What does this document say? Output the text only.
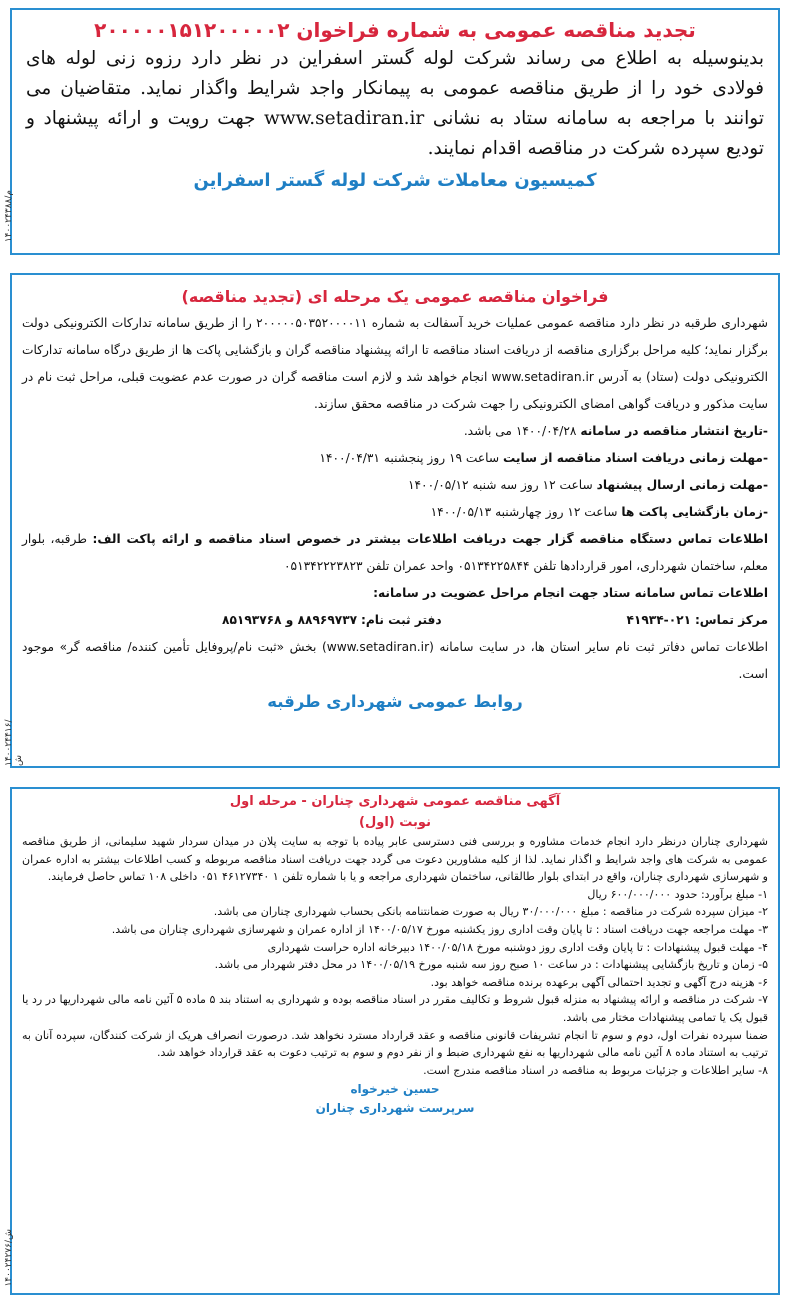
تجدید مناقصه عمومی به شماره فراخوان ۲۰۰۰۰۰۱۵۱۲۰۰۰۰۰۲
بدینوسیله به اطلاع می رساند شرکت لوله گستر اسفراین در نظر دارد رزوه زنی لوله های فولادی خود را از طریق مناقصه عمومی به پیمانکار واجد شرایط واگذار نماید. متقاضیان می توانند با مراجعه به سامانه ستاد به نشانی www.setadiran.ir جهت رویت و ارائه پیشنهاد و توديع سپرده شرکت در مناقصه اقدام نمایند.
کمیسیون معاملات شرکت لوله گستر اسفراین
۱۴۰۰۲۴۳۸۸/م
فراخوان مناقصه عمومی یک مرحله ای (تجدید مناقصه)
شهرداری طرقبه در نظر دارد مناقصه عمومی عملیات خرید آسفالت به شماره ۲۰۰۰۰۰۵۰۳۵۲۰۰۰۰۱۱ را از طریق سامانه تدارکات الکترونیکی دولت برگزار نماید؛ کلیه مراحل برگزاری مناقصه از دریافت اسناد مناقصه تا ارائه پیشنهاد مناقصه گران و بازگشایی پاکت ها از طریق درگاه سامانه تدارکات الکترونیکی دولت (ستاد) به آدرس www.setadiran.ir انجام خواهد شد و لازم است مناقصه گران در صورت عدم عضویت قبلی، مراحل ثبت نام در سایت مذکور و دریافت گواهی امضای الکترونیکی را جهت شرکت در مناقصه محقق سازند.
-تاریخ انتشار مناقصه در سامانه ۱۴۰۰/۰۴/۲۸ می باشد.
-مهلت زمانی دریافت اسناد مناقصه از سایت ساعت ۱۹ روز پنجشنبه ۱۴۰۰/۰۴/۳۱
-مهلت زمانی ارسال پیشنهاد ساعت ۱۲ روز سه شنبه ۱۴۰۰/۰۵/۱۲
-زمان بازگشایی پاکت ها ساعت ۱۲ روز چهارشنبه ۱۴۰۰/۰۵/۱۳
اطلاعات تماس دستگاه مناقصه گزار جهت دریافت اطلاعات بیشتر در خصوص اسناد مناقصه و ارائه پاکت الف: طرقبه، بلوار معلم، ساختمان شهرداری، امور قراردادها تلفن ۰۵۱۳۴۲۲۵۸۴۴ واحد عمران تلفن ۰۵۱۳۴۲۲۲۳۸۲۳
اطلاعات تماس سامانه ستاد جهت انجام مراحل عضویت در سامانه:
مرکز تماس: ۰۲۱-۴۱۹۳۴
دفتر ثبت نام: ۸۸۹۶۹۷۳۷ و ۸۵۱۹۳۷۶۸
اطلاعات تماس دفاتر ثبت نام سایر استان ها، در سایت سامانه (www.setadiran.ir) بخش «ثبت نام/پروفایل تأمین کننده/ مناقصه گر» موجود است.
روابط عمومی شهرداری طرقبه
۱۴۰۰۲۴۴۱۶/ش
آگهی مناقصه عمومی شهرداری چناران - مرحله اول
نوبت (اول)
شهرداری چناران درنظر دارد انجام خدمات مشاوره و بررسی فنی دسترسی عابر پیاده با توجه به سایت پلان در میدان سردار شهید سلیمانی، از طریق مناقصه عمومی به شرکت های واجد شرایط و اگذار نماید. لذا از کلیه مشاورین دعوت می گردد جهت دریافت اسناد مناقصه مربوطه و کسب اطلاعات بیشتر به اداره عمران و شهرسازی شهرداری چناران، واقع در ابتدای بلوار طالقانی، ساختمان شهرداری مراجعه و یا با شماره تلفن ۱ ۴۶۱۲۷۳۴۰ ۰۵۱ داخلی ۱۰۸ تماس حاصل فرمایند.
۱- مبلغ برآورد: حدود ۶۰۰/۰۰۰/۰۰۰ ریال
۲- میزان سپرده شرکت در مناقصه : مبلغ ۳۰/۰۰۰/۰۰۰ ریال به صورت ضمانتنامه بانکی بحساب شهرداری چناران می باشد.
۳- مهلت مراجعه جهت دریافت اسناد : تا پایان وقت اداری روز یکشنبه مورخ ۱۴۰۰/۰۵/۱۷ از اداره عمران و شهرسازی شهرداری چناران می باشد.
۴- مهلت قبول پیشنهادات : تا پایان وقت اداری روز دوشنبه مورخ ۱۴۰۰/۰۵/۱۸ دبیرخانه اداره حراست شهرداری
۵- زمان و تاریخ بازگشایی پیشنهادات : در ساعت ۱۰ صبح روز سه شنبه مورخ ۱۴۰۰/۰۵/۱۹ در محل دفتر شهردار می باشد.
۶- هزینه درج آگهی و تجدید احتمالی آگهی برعهده برنده مناقصه خواهد بود.
۷- شرکت در مناقصه و ارائه پیشنهاد به منزله قبول شروط و تکالیف مقرر در اسناد مناقصه بوده و شهرداری به استناد بند ۵ ماده ۵ آئین نامه مالی شهرداریها در رد یا قبول یک یا تمامی پیشنهادات مختار می باشد.
ضمنا سپرده نفرات اول، دوم و سوم تا انجام تشریفات قانونی مناقصه و عقد قرارداد مسترد نخواهد شد. درصورت انصراف هریک از شرکت کنندگان، سپرده آنان به ترتیب به استناد ماده ۸ آئین نامه مالی شهرداریها به نفع شهرداری ضبط و از نفر دوم و سوم به ترتیب دعوت به عقد قرارداد خواهد شد.
۸- سایر اطلاعات و جزئیات مربوط به مناقصه در اسناد مناقصه مندرج است.
حسین خیرخواه
سرپرست شهرداری چناران
۱۴۰۰۲۴۲۷۶/ش
